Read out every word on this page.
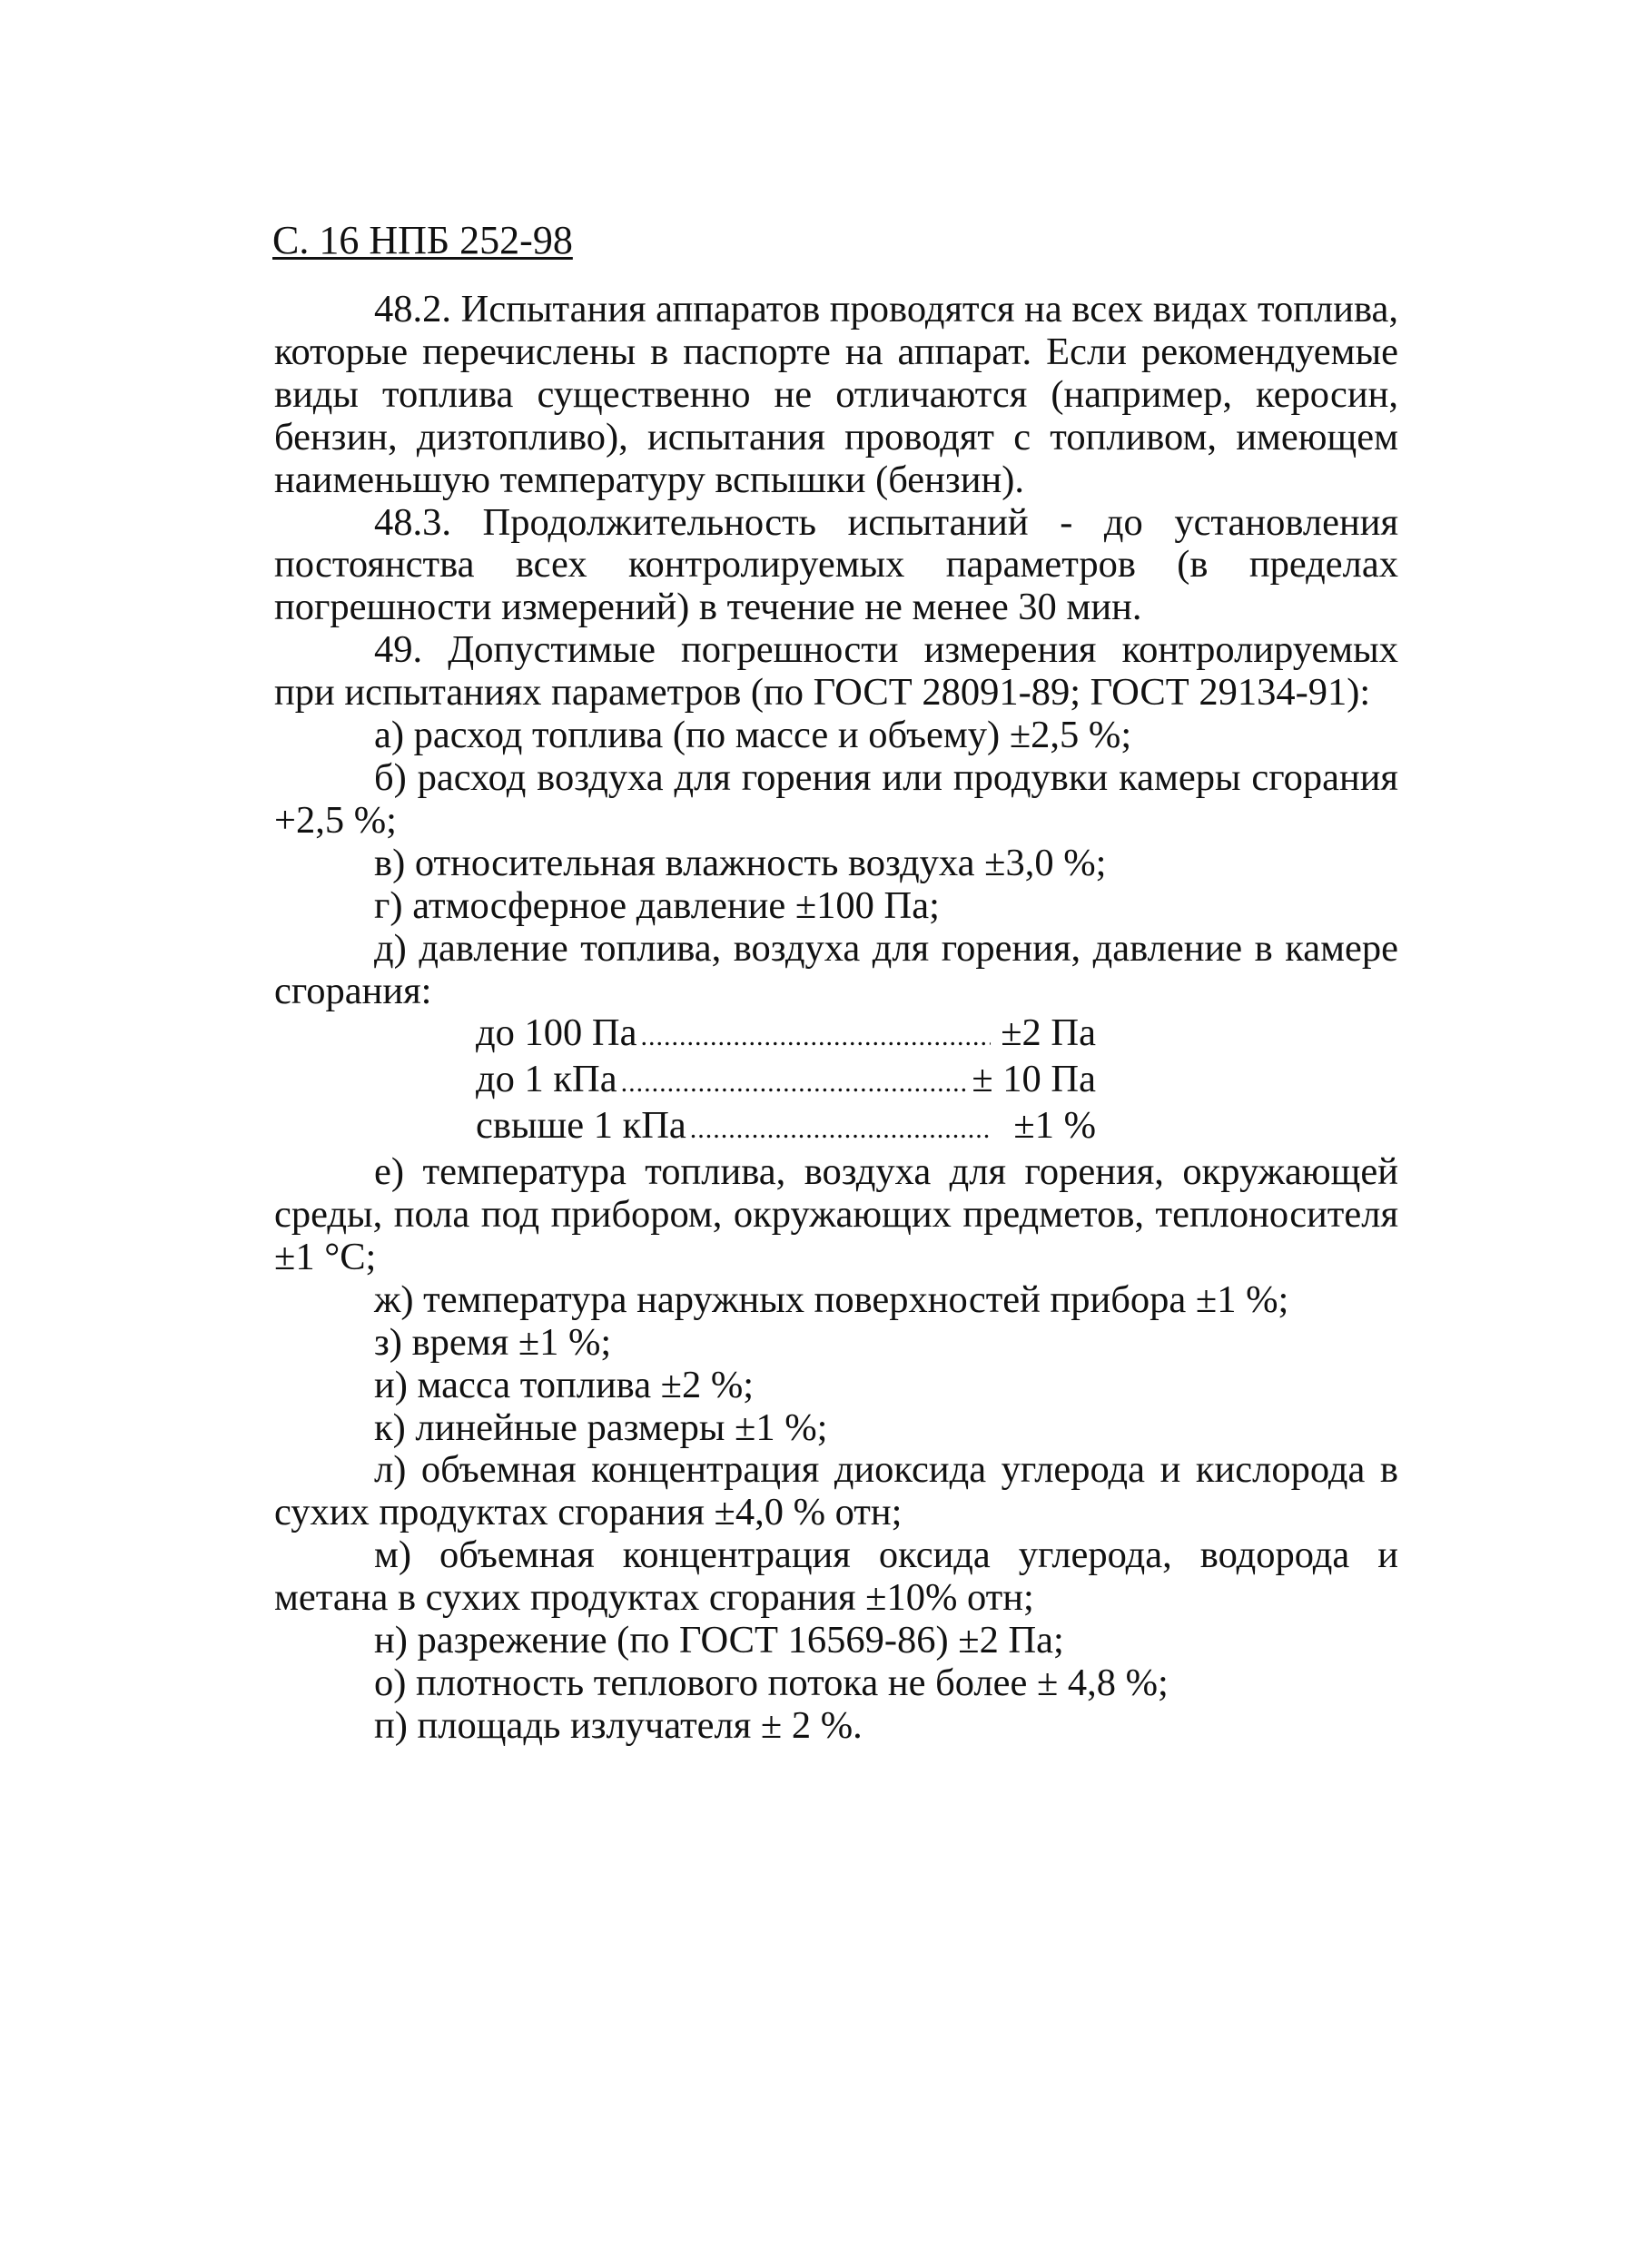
С. 16 НПБ 252-98

48.2. Испытания аппаратов проводятся на всех видах топлива, которые перечислены в паспорте на аппарат. Если рекомендуемые виды топлива существенно не отличаются (например, керосин, бензин, дизтопливо), испытания проводят с топливом, имеющем наименьшую температуру вспышки (бензин).

48.3. Продолжительность испытаний - до установления постоянства всех контролируемых параметров (в пределах погрешности измерений) в течение не менее 30 мин.

49. Допустимые погрешности измерения контролируемых при испытаниях параметров (по ГОСТ 28091-89; ГОСТ 29134-91):

а) расход топлива (по массе и объему) ±2,5 %;

б) расход воздуха для горения или продувки камеры сгорания +2,5 %;

в) относительная влажность воздуха ±3,0 %;

г) атмосферное давление ±100 Па;

д) давление топлива, воздуха для горения, давление в камере сгорания:

до 100 Па .....	±2 Па
до 1 кПа .....	± 10 Па
свыше 1 кПа .....	±1 %

е) температура топлива, воздуха для горения, окружающей среды, пола под прибором, окружающих предметов, теплоносителя ±1 °С;

ж) температура наружных поверхностей прибора ±1 %;

з) время ±1 %;

и) масса топлива ±2 %;

к) линейные размеры ±1 %;

л) объемная концентрация диоксида углерода и кислорода в сухих продуктах сгорания ±4,0 % отн;

м) объемная концентрация оксида углерода, водорода и метана в сухих продуктах сгорания ±10% отн;

н) разрежение (по ГОСТ 16569-86) ±2 Па;

о) плотность теплового потока не более ± 4,8 %;

п) площадь излучателя ± 2 %.
